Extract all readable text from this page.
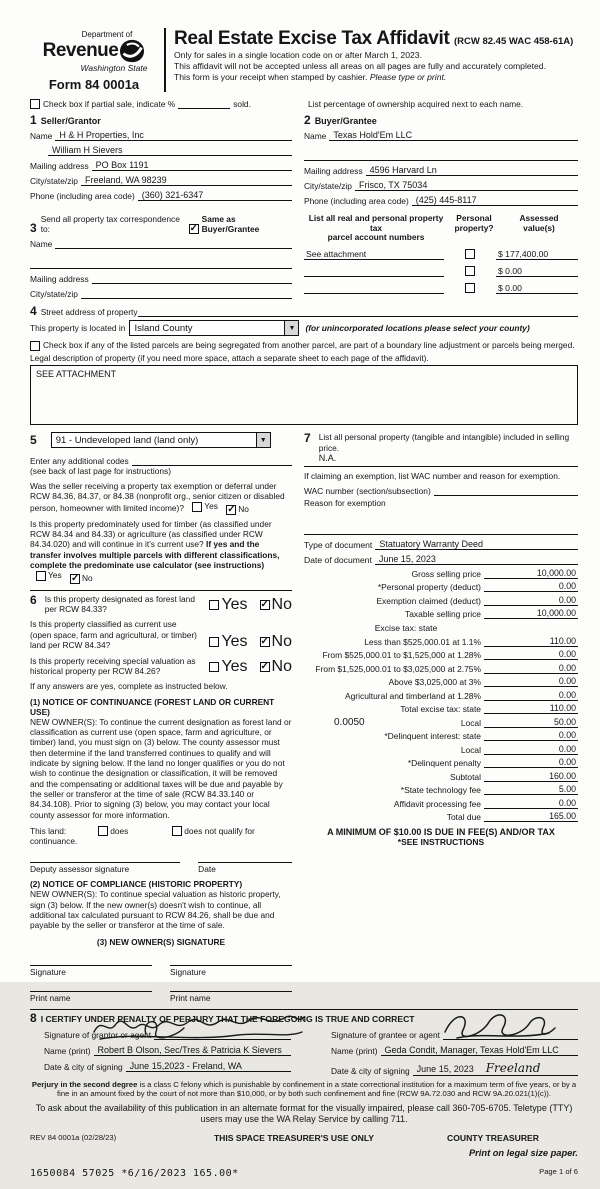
Department of
Revenue
Washington State
Form 84 0001a
Real Estate Excise Tax Affidavit (RCW 82.45 WAC 458-61A)
Only for sales in a single location code on or after March 1, 2023.
This affidavit will not be accepted unless all areas on all pages are fully and accurately completed.
This form is your receipt when stamped by cashier. Please type or print.
Check box if partial sale, indicate %	sold.	List percentage of ownership acquired next to each name.
1 Seller/Grantor
Name H & H Properties, Inc
William H Sievers
Mailing address PO Box 1191
City/state/zip Freeland, WA 98239
Phone (including area code) (360) 321-6347
2 Buyer/Grantee
Name Texas Hold'Em LLC
Mailing address 4596 Harvard Ln
City/state/zip Frisco, TX 75034
Phone (including area code) (425) 445-8117
3
Send all property tax correspondence to:	✓
Same as Buyer/Grantee
Name
Mailing address
City/state/zip
List all real and personal property tax
parcel account numbers
Personal
property?
Assessed
value(s)
See attachment	$ 177,400.00
$ 0.00
$ 0.00
4 Street address of property
This property is located in Island County	▼	(for unincorporated locations please select your county)
Check box if any of the listed parcels are being segregated from another parcel, are part of a boundary line adjustment or parcels being merged.
Legal description of property (if you need more space, attach a separate sheet to each page of the affidavit).
SEE ATTACHMENT
5	91 - Undeveloped land (land only)	▼
Enter any additional codes
(see back of last page for instructions)
Was the seller receiving a property tax exemption or deferral under RCW 84.36, 84.37, or 84.38 (nonprofit org., senior citizen or disabled person, homeowner with limited income)? Yes
✓ No
Is this property predominately used for timber (as classified under RCW 84.34 and 84.33) or agriculture (as classified under RCW 84.34.020) and will continue in it's current use? If yes and the transfer involves multiple parcels with different classifications, complete the predominate use calculator (see instructions)
Yes
✓ No
6 Is this property designated as forest land per RCW 84.33?	Yes ✓ No
Is this property classified as current use (open space, farm and agricultural, or timber) land per RCW 84.34?	Yes ✓ No
Is this property receiving special valuation as historical property per RCW 84.26?	Yes ✓ No
If any answers are yes, complete as instructed below.
(1) NOTICE OF CONTINUANCE (FOREST LAND OR CURRENT USE)
NEW OWNER(S): To continue the current designation as forest land or classification as current use (open space, farm and agriculture, or timber) land, you must sign on (3) below. The county assessor must then determine if the land transferred continues to qualify and will indicate by signing below. If the land no longer qualifies or you do not wish to continue the designation or classification, it will be removed and the compensating or additional taxes will be due and payable by the seller or transferor at the time of sale (RCW 84.33.140 or 84.34.108). Prior to signing (3) below, you may contact your local county assessor for more information.
This land:	does	does not qualify for
continuance.
Deputy assessor signature	Date
(2) NOTICE OF COMPLIANCE (HISTORIC PROPERTY)
NEW OWNER(S): To continue special valuation as historic property, sign (3) below. If the new owner(s) doesn't wish to continue, all additional tax calculated pursuant to RCW 84.26, shall be due and payable by the seller or transferor at the time of sale.
(3) NEW OWNER(S) SIGNATURE
Signature	Signature
Print name	Print name
7 List all personal property (tangible and intangible) included in selling price.
N.A.
If claiming an exemption, list WAC number and reason for exemption.
WAC number (section/subsection)
Reason for exemption
Type of document Statuatory Warranty Deed
Date of document June 15, 2023
Gross selling price	10,000.00
*Personal property (deduct)	0.00
Exemption claimed (deduct)	0.00
Taxable selling price	10,000.00
Excise tax: state
Less than $525,000.01 at 1.1%	110.00
From $525,000.01 to $1,525,000 at 1.28%	0.00
From $1,525,000.01 to $3,025,000 at 2.75%	0.00
Above $3,025,000 at 3%	0.00
Agricultural and timberland at 1.28%	0.00
Total excise tax: state	110.00
0.0050	Local	50.00
*Delinquent interest: state	0.00
Local	0.00
*Delinquent penalty	0.00
Subtotal	160.00
*State technology fee	5.00
Affidavit processing fee	0.00
Total due	165.00
A MINIMUM OF $10.00 IS DUE IN FEE(S) AND/OR TAX
*SEE INSTRUCTIONS
8 I CERTIFY UNDER PENALTY OF PERJURY THAT THE FOREGOING IS TRUE AND CORRECT
Signature of grantor or agent
Name (print) Robert B Olson, Sec/Tres & Patricia K Sievers
Date & city of signing June 15,2023 - Freland, WA
Signature of grantee or agent
Name (print) Geda Condit, Manager, Texas Hold'Em LLC
Date & city of signing June 15, 2023 Freeland
Perjury in the second degree is a class C felony which is punishable by confinement in a state correctional institution for a maximum term of five years, or by a fine in an amount fixed by the court of not more than $10,000, or by both such confinement and fine (RCW 9A.72.030 and RCW 9A.20.021(1)(c)).
To ask about the availability of this publication in an alternate format for the visually impaired, please call 360-705-6705. Teletype (TTY) users may use the WA Relay Service by calling 711.
REV 84 0001a (02/28/23)	THIS SPACE TREASURER'S USE ONLY	COUNTY TREASURER
1650084 57025 *6/16/2023 165.00*
Print on legal size paper.
Page 1 of 6
